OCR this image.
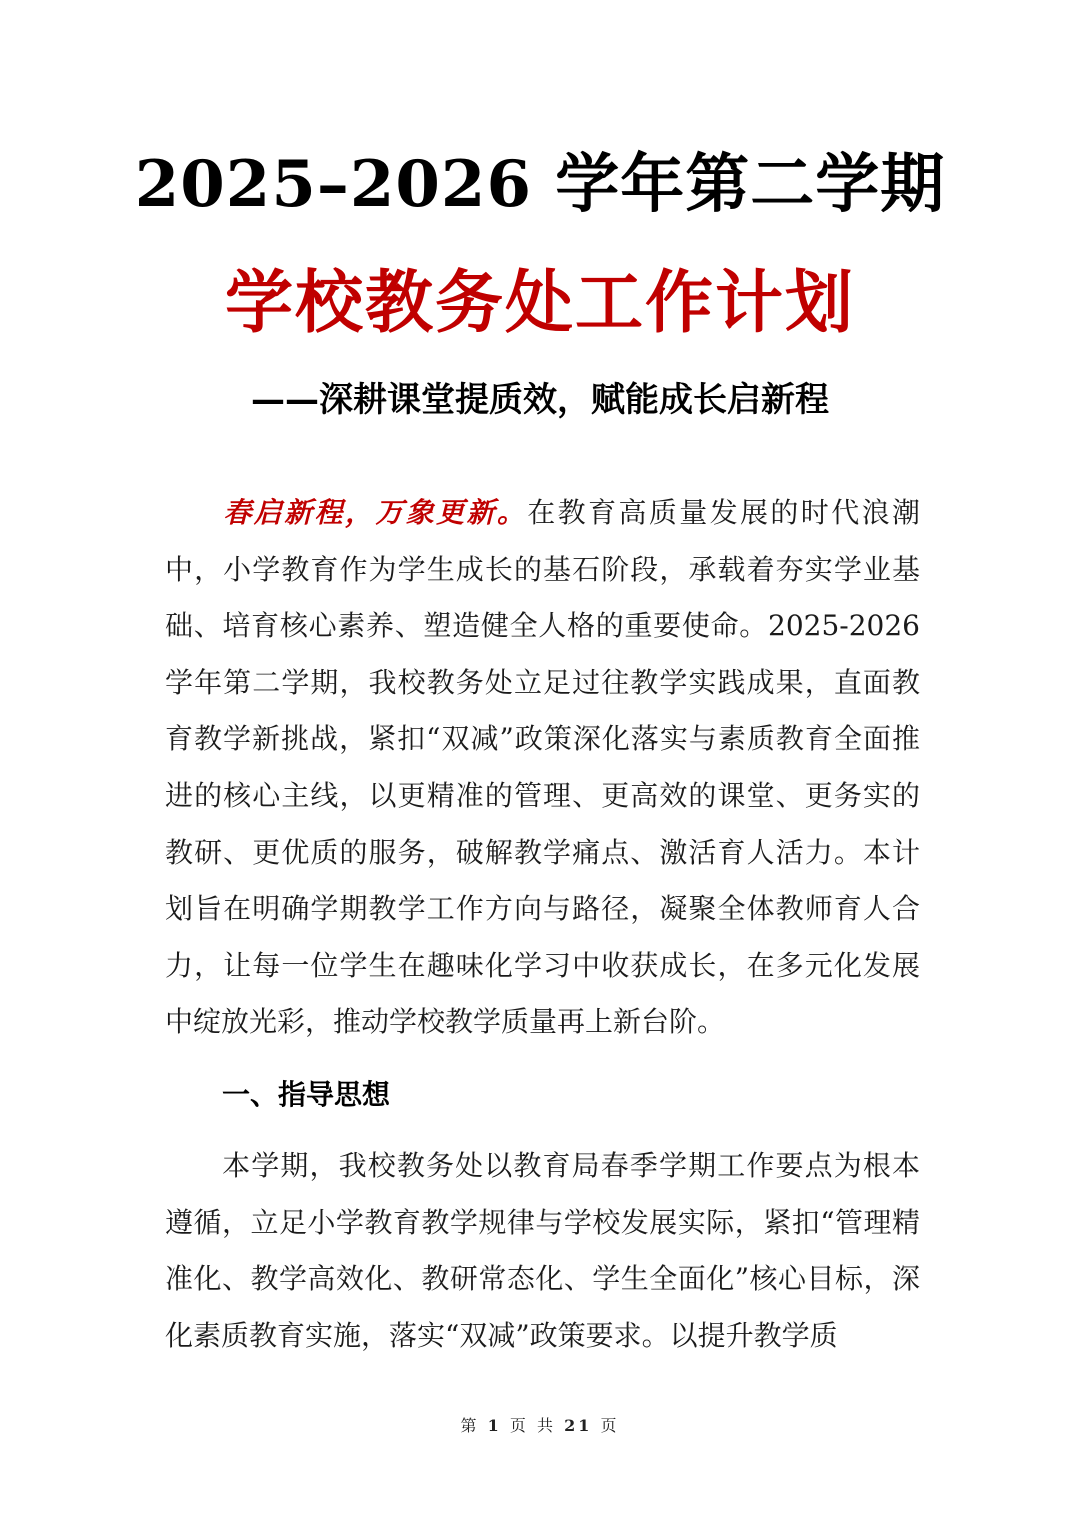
2025–2026 学年第二学期
学校教务处工作计划
——深耕课堂提质效，赋能成长启新程

春启新程，万象更新。在教育高质量发展的时代浪潮中，小学教育作为学生成长的基石阶段，承载着夯实学业基础、培育核心素养、塑造健全人格的重要使命。2025-2026 学年第二学期，我校教务处立足过往教学实践成果，直面教育教学新挑战，紧扣“双减”政策深化落实与素质教育全面推进的核心主线，以更精准的管理、更高效的课堂、更务实的教研、更优质的服务，破解教学痛点、激活育人活力。本计划旨在明确学期教学工作方向与路径，凝聚全体教师育人合力，让每一位学生在趣味化学习中收获成长，在多元化发展中绽放光彩，推动学校教学质量再上新台阶。

一、指导思想

本学期，我校教务处以教育局春季学期工作要点为根本遵循，立足小学教育教学规律与学校发展实际，紧扣“管理精准化、教学高效化、教研常态化、学生全面化”核心目标，深化素质教育实施，落实“双减”政策要求。以提升教学质

第 1 页 共 21 页
